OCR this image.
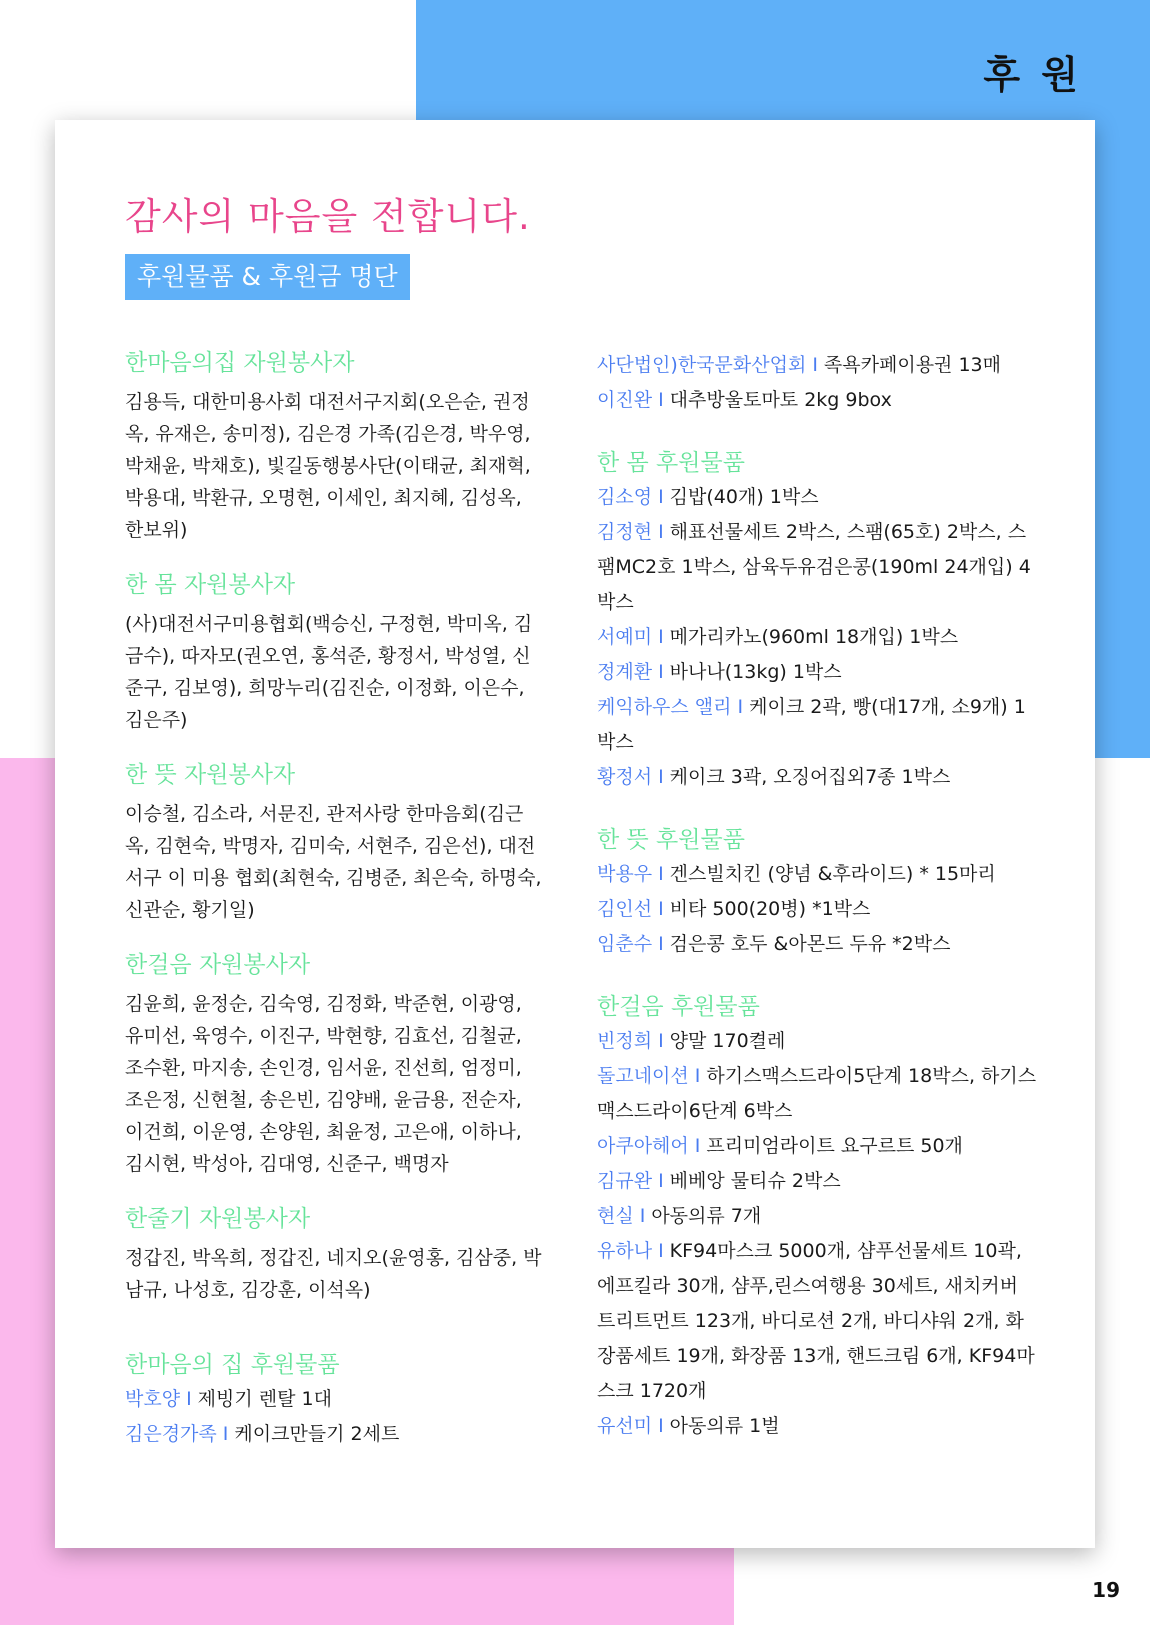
후 원
감사의 마음을 전합니다.
후원물품 & 후원금 명단
한마음의집 자원봉사자

김용득, 대한미용사회 대전서구지회(오은순, 권정옥, 유재은, 송미정), 김은경 가족(김은경, 박우영, 박채윤, 박채호), 빛길동행봉사단(이태균, 최재혁, 박용대, 박환규, 오명현, 이세인, 최지혜, 김성옥, 한보위)

한 몸 자원봉사자

(사)대전서구미용협회(백승신, 구정현, 박미옥, 김금수), 따자모(권오연, 홍석준, 황정서, 박성열, 신준구, 김보영), 희망누리(김진순, 이정화, 이은수, 김은주)

한 뜻 자원봉사자

이승철, 김소라, 서문진, 관저사랑 한마음회(김근옥, 김현숙, 박명자, 김미숙, 서현주, 김은선), 대전서구 이 미용 협회(최현숙, 김병준, 최은숙, 하명숙, 신관순, 황기일)

한걸음 자원봉사자

김윤희, 윤정순, 김숙영, 김정화, 박준현, 이광영, 유미선, 육영수, 이진구, 박현향, 김효선, 김철균, 조수환, 마지송, 손인경, 임서윤, 진선희, 엄정미, 조은정, 신현철, 송은빈, 김양배, 윤금용, 전순자, 이건희, 이운영, 손양원, 최윤정, 고은애, 이하나, 김시현, 박성아, 김대영, 신준구, 백명자

한줄기 자원봉사자

정갑진, 박옥희, 정갑진, 네지오(윤영홍, 김삼중, 박남규, 나성호, 김강훈, 이석옥)

한마음의 집 후원물품
박호양 I 제빙기 렌탈 1대
김은경가족 I 케이크만들기 2세트
사단법인)한국문화산업회 I 족욕카페이용권 13매
이진완 I 대추방울토마토 2kg 9box
한 몸 후원물품
김소영 I 김밥(40개) 1박스
김정현 I 해표선물세트 2박스, 스팸(65호) 2박스, 스팸MC2호 1박스, 삼육두유검은콩(190ml 24개입) 4박스
서예미 I 메가리카노(960ml 18개입) 1박스
정계환 I 바나나(13kg) 1박스
케익하우스 앨리 I 케이크 2곽, 빵(대17개, 소9개) 1박스
황정서 I 케이크 3곽, 오징어집외7종 1박스
한 뜻 후원물품
박용우 I 겐스빌치킨 (양념 &후라이드) * 15마리
김인선 I 비타 500(20병) *1박스
임춘수 I 검은콩 호두 &아몬드 두유 *2박스
한걸음 후원물품
빈정희 I 양말 170켤레
돌고네이션 I 하기스맥스드라이5단계 18박스, 하기스맥스드라이6단계 6박스
아쿠아헤어 I 프리미엄라이트 요구르트 50개
김규완 I 베베앙 물티슈 2박스
현실 I 아동의류 7개
유하나 I KF94마스크 5000개, 샴푸선물세트 10곽, 에프킬라 30개, 샴푸,린스여행용 30세트, 새치커버 트리트먼트 123개, 바디로션 2개, 바디샤워 2개, 화장품세트 19개, 화장품 13개, 핸드크림 6개, KF94마스크 1720개
유선미 I 아동의류 1벌
19
